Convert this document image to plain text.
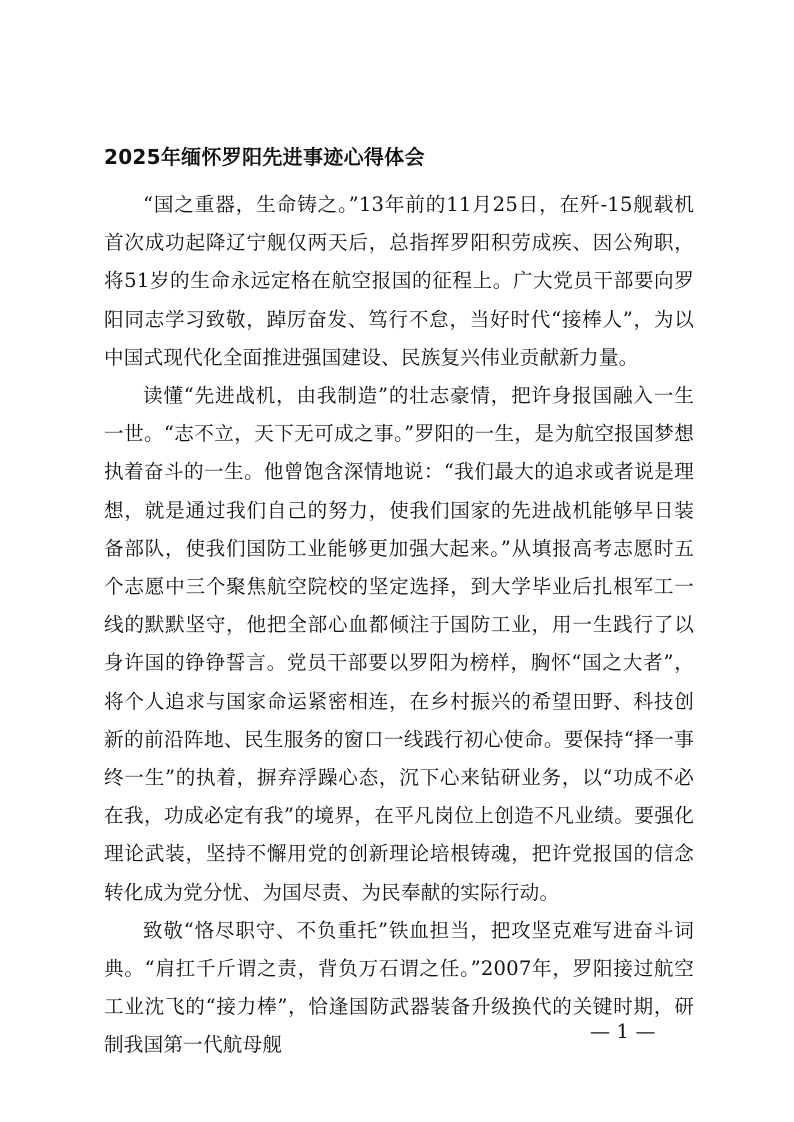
2025年缅怀罗阳先进事迹心得体会

“国之重器，生命铸之。”13年前的11月25日，在歼-15舰载机首次成功起降辽宁舰仅两天后，总指挥罗阳积劳成疾、因公殉职，将51岁的生命永远定格在航空报国的征程上。广大党员干部要向罗阳同志学习致敬，踔厉奋发、笃行不怠，当好时代“接棒人”，为以中国式现代化全面推进强国建设、民族复兴伟业贡献新力量。

读懂“先进战机，由我制造”的壮志豪情，把许身报国融入一生一世。“志不立，天下无可成之事。”罗阳的一生，是为航空报国梦想执着奋斗的一生。他曾饱含深情地说：“我们最大的追求或者说是理想，就是通过我们自己的努力，使我们国家的先进战机能够早日装备部队，使我们国防工业能够更加强大起来。”从填报高考志愿时五个志愿中三个聚焦航空院校的坚定选择，到大学毕业后扎根军工一线的默默坚守，他把全部心血都倾注于国防工业，用一生践行了以身许国的铮铮誓言。党员干部要以罗阳为榜样，胸怀“国之大者”，将个人追求与国家命运紧密相连，在乡村振兴的希望田野、科技创新的前沿阵地、民生服务的窗口一线践行初心使命。要保持“择一事终一生”的执着，摒弃浮躁心态，沉下心来钻研业务，以“功成不必在我，功成必定有我”的境界，在平凡岗位上创造不凡业绩。要强化理论武装，坚持不懈用党的创新理论培根铸魂，把许党报国的信念转化成为党分忧、为国尽责、为民奉献的实际行动。

致敬“恪尽职守、不负重托”铁血担当，把攻坚克难写进奋斗词典。“肩扛千斤谓之责，背负万石谓之任。”2007年，罗阳接过航空工业沈飞的“接力棒”，恰逢国防武器装备升级换代的关键时期，研制我国第一代航母舰

— 1 —
